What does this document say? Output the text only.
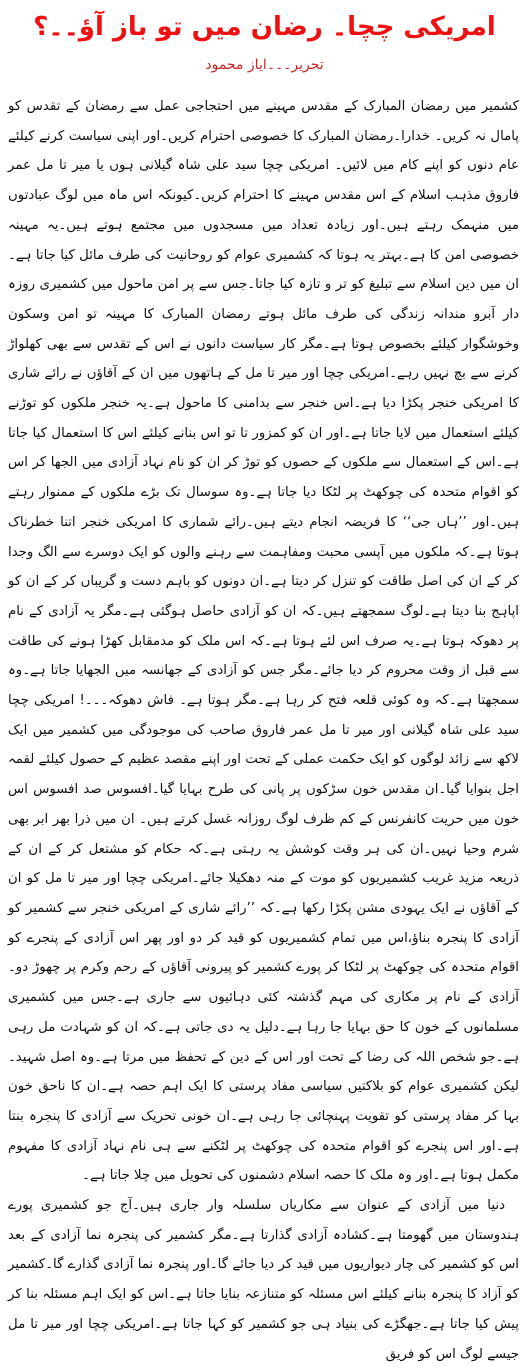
امریکی چچا۔ رضان میں تو باز آؤ۔۔؟
تحریر۔۔۔ایاز محمود

کشمیر میں رمضان المبارک کے مقدس مہینے میں احتجاجی عمل سے رمضان کے تقدس کو پامال نہ کریں۔ خدارا۔رمضان المبارک کا خصوصی احترام کریں۔اور اپنی سیاست کرنے کیلئے عام دنوں کو اپنے کام میں لائیں۔ امریکی چچا سید علی شاہ گیلانی ہوں یا میر تا مل عمر فاروق مذہب اسلام کے اس مقدس مہینے کا احترام کریں۔کیونکہ اس ماہ میں لوگ عبادتوں میں منہمک رہتے ہیں۔اور زیادہ تعداد میں مسجدوں میں مجتمع ہوتے ہیں۔یہ مہینہ خصوصی امن کا ہے۔بہتر یہ ہوتا کہ کشمیری عوام کو روحانیت کی طرف مائل کیا جاتا ہے۔ان میں دین اسلام سے تبلیغ کو تر و تازہ کیا جاتا۔جس سے پر امن ماحول میں کشمیری روزہ دار آبرو مندانہ زندگی کی طرف مائل ہوتے رمضان المبارک کا مہینہ تو امن وسکون وخوشگوار کیلئے بخصوص ہوتا ہے۔مگر کار سیاست دانوں نے اس کے تقدس سے بھی کھلواڑ کرنے سے بچ نہیں رہے۔امریکی چچا اور میر تا مل کے ہاتھوں میں ان کے آقاؤں نے رائے شاری کا امریکی خنجر پکڑا دیا ہے۔اس خنجر سے بدامنی کا ماحول ہے۔یہ خنجر ملکوں کو توڑنے کیلئے استعمال میں لایا جاتا ہے۔اور ان کو کمزور تا تو اس بنانے کیلئے اس کا استعمال کیا جاتا ہے۔اس کے استعمال سے ملکوں کے حصوں کو توڑ کر ان کو نام نہاد آزادی میں الجھا کر اس کو اقوام متحدہ کی چوکھٹ پر لٹکا دیا جاتا ہے۔وہ سوسال تک بڑے ملکوں کے ممنوار رہتے ہیں۔اور ’’ہاں جی‘‘ کا فریضہ انجام دیتے ہیں۔رائے شماری کا امریکی خنجر اتنا خطرناک ہوتا ہے۔کہ ملکوں میں آپسی محبت ومفاہمت سے رہنے والوں کو ایک دوسرے سے الگ وجدا کر کے ان کی اصل طاقت کو تنزل کر دیتا ہے۔ان دونوں کو باہم دست و گریباں کر کے ان کو اپاہج بنا دیتا ہے۔لوگ سمجھتے ہیں۔کہ ان کو آزادی حاصل ہوگئی ہے۔مگر یہ آزادی کے نام پر دھوکہ ہوتا ہے۔یہ صرف اس لئے ہوتا ہے۔کہ اس ملک کو مدمقابل کھڑا ہونے کی طاقت سے قبل از وقت محروم کر دیا جائے۔مگر جس کو آزادی کے جھانسہ میں الجھایا جاتا ہے۔وہ سمجھتا ہے۔کہ وہ کوئی قلعہ فتح کر رہا ہے۔مگر ہوتا ہے۔ فاش دھوکہ۔۔۔! امریکی چچا سید علی شاہ گیلانی اور میر تا مل عمر فاروق صاحب کی موجودگی میں کشمیر میں ایک لاکھ سے زائد لوگوں کو ایک حکمت عملی کے تحت اور اپنے مقصد عظیم کے حصول کیلئے لقمہ اجل بنوایا گیا۔ان مقدس خون سڑکوں پر پانی کی طرح بہایا گیا۔افسوس صد افسوس اس خون میں حریت کانفرنس کے کم ظرف لوگ روزانہ غسل کرتے ہیں۔ ان میں ذرا بھر ابر بھی شرم وحیا نہیں۔ان کی ہر وقت کوشش یہ رہتی ہے۔کہ حکام کو مشتعل کر کے ان کے ذریعہ مزید غریب کشمیریوں کو موت کے منہ دھکیلا جائے۔امریکی چچا اور میر تا مل کو ان کے آقاؤں نے ایک یہودی مشن پکڑا رکھا ہے۔کہ ’’رائے شاری کے امریکی خنجر سے کشمیر کو آزادی کا پنجرہ بناؤ،اس میں تمام کشمیریوں کو قید کر دو اور پھر اس آزادی کے پنجرے کو اقوام متحدہ کی چوکھٹ پر لٹکا کر پورے کشمیر کو پیرونی آقاؤں کے رحم وکرم پر چھوڑ دو۔آزادی کے نام پر مکاری کی مہم گذشتہ کئی دہائیوں سے جاری ہے۔جس میں کشمیری مسلمانوں کے خون کا حق بہایا جا رہا ہے۔دلیل یہ دی جاتی ہے۔کہ ان کو شہادت مل رہی ہے۔جو شخص اللہ کی رضا کے تحت اور اس کے دین کے تحفظ میں مرتا ہے۔وہ اصل شہید۔لیکن کشمیری عوام کو بلاکتیں سیاسی مفاد پرستی کا ایک اہم حصہ ہے۔ان کا ناحق خون بہا کر مفاد پرستی کو تقویت پہنچائی جا رہی ہے۔ان خونی تحریک سے آزادی کا پنجرہ بنتا ہے۔اور اس پنجرے کو اقوام متحدہ کی چوکھٹ پر لٹکنے سے ہی نام نہاد آزادی کا مفہوم مکمل ہوتا ہے۔اور وہ ملک کا حصہ اسلام دشمنوں کی تحویل میں چلا جاتا ہے۔

دنیا میں آزادی کے عنوان سے مکاریاں سلسلہ وار جاری ہیں۔آج جو کشمیری پورے ہندوستان میں گھومتا ہے۔کشادہ آزادی گذارتا ہے۔مگر کشمیر کی پنجرہ نما آزادی کے بعد اس کو کشمیر کی چار دیواریوں میں قید کر دیا جائے گا۔اور پنجرہ نما آزادی گذارے گا۔کشمیر کو آزاد کا پنجرہ بنانے کیلئے اس مسئلہ کو متنازعہ بنایا جاتا ہے۔اس کو ایک اہم مسئلہ بنا کر پیش کیا جاتا ہے۔جھگڑے کی بنیاد ہی جو کشمیر کو کہا جاتا ہے۔امریکی چچا اور میر تا مل جیسے لوگ اس کو فریق
